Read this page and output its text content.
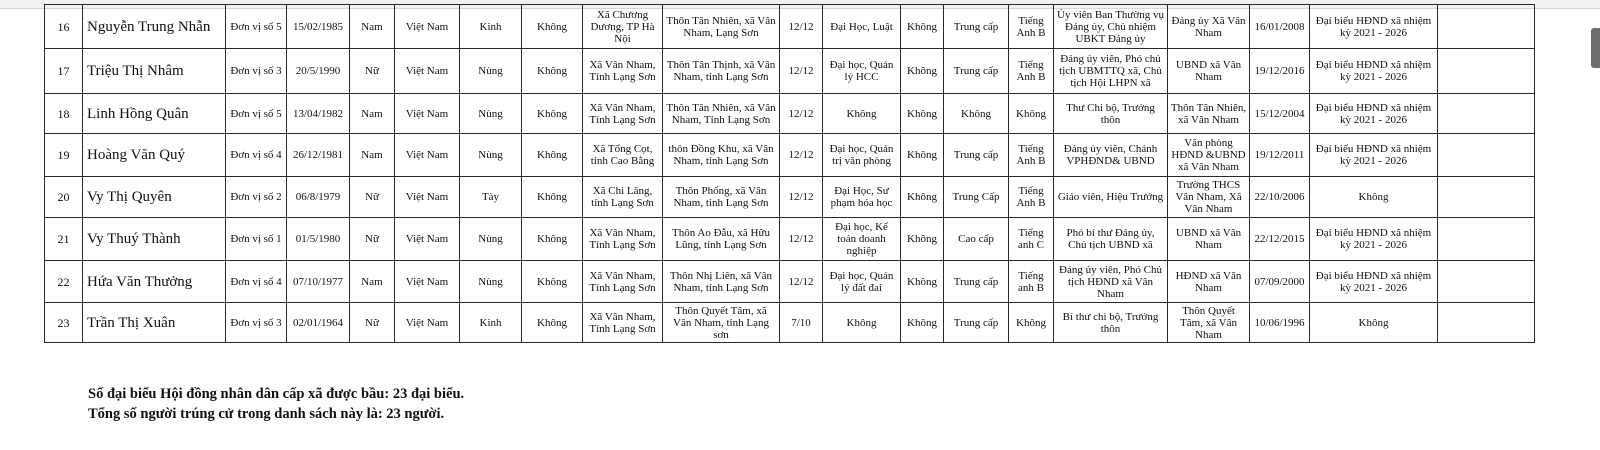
16	Nguyễn Trung Nhẫn	Đơn vị số 5	15/02/1985	Nam	Việt Nam	Kinh	Không	Xã Chương Dương, TP Hà Nội	Thôn Tân Nhiên, xã Vân Nham, Lạng Sơn	12/12	Đại Học, Luật	Không	Trung cấp	Tiếng Anh B	Ủy viên Ban Thường vụ Đảng ủy, Chủ nhiệm UBKT Đảng ủy	Đảng ủy Xã Vân Nham	16/01/2008	Đại biểu HĐND xã nhiệm kỳ 2021 - 2026	
17	Triệu Thị Nhâm	Đơn vị số 3	20/5/1990	Nữ	Việt Nam	Nùng	Không	Xã Vân Nham, Tỉnh Lạng Sơn	Thôn Tân Thịnh, xã Vân Nham, tỉnh Lạng Sơn	12/12	Đại học, Quản lý HCC	Không	Trung cấp	Tiếng Anh B	Đảng ủy viên, Phó chủ tịch UBMTTQ xã, Chủ tịch Hội LHPN xã	UBND xã Vân Nham	19/12/2016	Đại biểu HĐND xã nhiệm kỳ 2021 - 2026	
18	Linh Hồng Quân	Đơn vị số 5	13/04/1982	Nam	Việt Nam	Nùng	Không	Xã Vân Nham, Tỉnh Lạng Sơn	Thôn Tân Nhiên, xã Vân Nham, Tỉnh Lạng Sơn	12/12	Không	Không	Không	Không	Thư Chi bộ, Trưởng thôn	Thôn Tân Nhiên, xã Vân Nham	15/12/2004	Đại biểu HĐND xã nhiệm kỳ 2021 - 2026	
19	Hoàng Văn Quý	Đơn vị số 4	26/12/1981	Nam	Việt Nam	Nùng	Không	Xã Tổng Cọt, tỉnh Cao Bằng	thôn Đồng Khu, xã Vân Nham, tỉnh Lạng Sơn	12/12	Đại học, Quản trị văn phòng	Không	Trung cấp	Tiếng Anh B	Đảng ủy viên, Chánh VPHĐND& UBND	Văn phòng HĐND &UBND xã Vân Nham	19/12/2011	Đại biểu HĐND xã nhiệm kỳ 2021 - 2026	
20	Vy Thị Quyên	Đơn vị số 2	06/8/1979	Nữ	Việt Nam	Tày	Không	Xã Chi Lăng, tỉnh Lạng Sơn	Thôn Phổng, xã Vân Nham, tỉnh Lạng Sơn	12/12	Đại Học, Sư phạm hóa học	Không	Trung Cấp	Tiếng Anh B	Giáo viên, Hiệu Trưởng	Trường THCS Vân Nham, Xã Vân Nham	22/10/2006	Không	
21	Vy Thuý Thành	Đơn vị số 1	01/5/1980	Nữ	Việt Nam	Nùng	Không	Xã Vân Nham, Tỉnh Lạng Sơn	Thôn Ao Đẫu, xã Hữu Lũng, tỉnh Lạng Sơn	12/12	Đại học, Kế toán doanh nghiệp	Không	Cao cấp	Tiếng anh C	Phó bí thư Đảng ủy, Chủ tịch UBND xã	UBND xã Vân Nham	22/12/2015	Đại biểu HĐND xã nhiệm kỳ 2021 - 2026	
22	Hứa Văn Thưởng	Đơn vị số 4	07/10/1977	Nam	Việt Nam	Nùng	Không	Xã Vân Nham, Tỉnh Lạng Sơn	Thôn Nhị Liên, xã Vân Nham, tỉnh Lạng Sơn	12/12	Đại học, Quản lý đất đai	Không	Trung cấp	Tiếng anh B	Đảng ủy viên, Phó Chủ tịch HĐND xã Vân Nham	HĐND xã Vân Nham	07/09/2000	Đại biểu HĐND xã nhiệm kỳ 2021 - 2026	
23	Trần Thị Xuân	Đơn vị số 3	02/01/1964	Nữ	Việt Nam	Kinh	Không	Xã Vân Nham, Tỉnh Lạng Sơn	Thôn Quyết Tâm, xã Vân Nham, tỉnh Lạng sơn	7/10	Không	Không	Trung cấp	Không	Bí thư chi bộ, Trưởng thôn	Thôn Quyết Tâm, xã Vân Nham	10/06/1996	Không	
Số đại biểu Hội đồng nhân dân cấp xã được bầu: 23 đại biểu.
Tổng số người trúng cử trong danh sách này là: 23 người.
